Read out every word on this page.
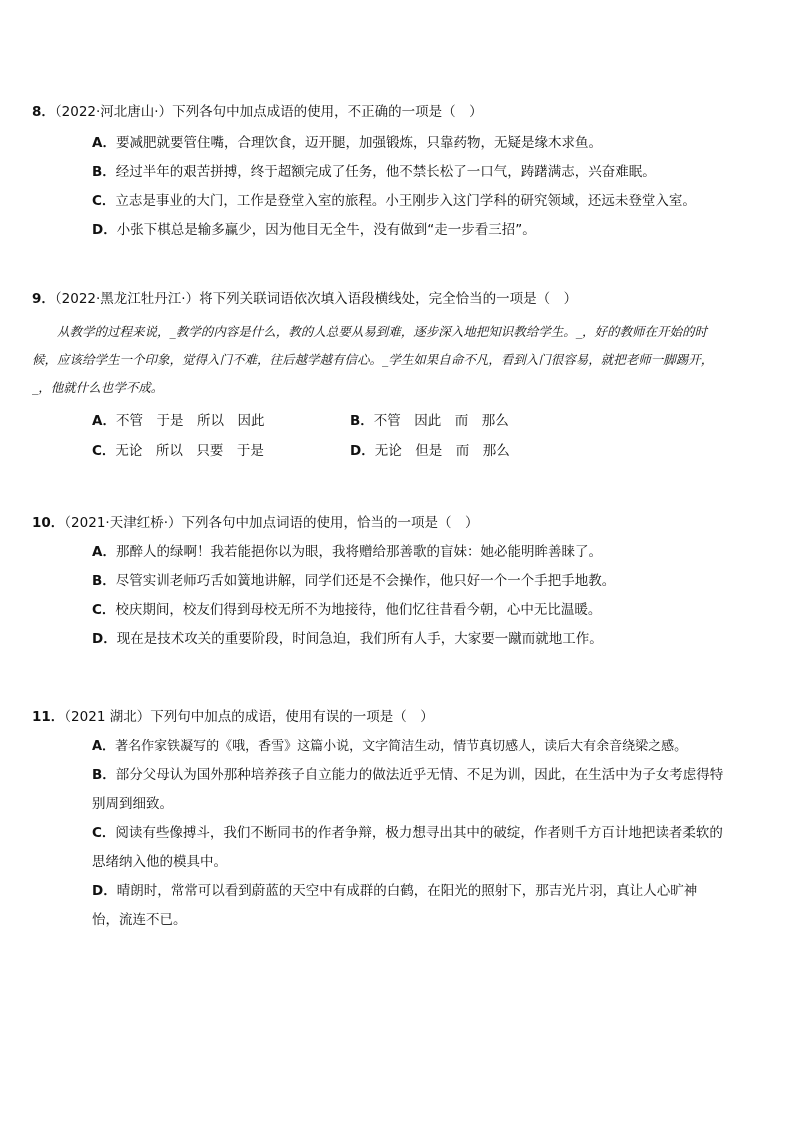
8．（2022·河北唐山·）下列各句中加点成语的使用，不正确的一项是（　）
A．要减肥就要管住嘴，合理饮食，迈开腿，加强锻炼，只靠药物，无疑是缘木求鱼。
B．经过半年的艰苦拼搏，终于超额完成了任务，他不禁长松了一口气，踌躇满志，兴奋难眠。
C．立志是事业的大门，工作是登堂入室的旅程。小王刚步入这门学科的研究领域，还远未登堂入室。
D．小张下棋总是输多赢少，因为他目无全牛，没有做到“走一步看三招”。
9．（2022·黑龙江牡丹江·）将下列关联词语依次填入语段横线处，完全恰当的一项是（　）
从教学的过程来说，_教学的内容是什么，教的人总要从易到难，逐步深入地把知识教给学生。_，好的教师在开始的时候，应该给学生一个印象，觉得入门不难，往后越学越有信心。_学生如果自命不凡，看到入门很容易，就把老师一脚踢开，_，他就什么也学不成。
A．不管　于是　所以　因此	B．不管　因此　而　那么
C．无论　所以　只要　于是	D．无论　但是　而　那么
10．（2021·天津红桥·）下列各句中加点词语的使用，恰当的一项是（　）
A．那醉人的绿啊！我若能挹你以为眼，我将赠给那善歌的盲妹：她必能明眸善睐了。
B．尽管实训老师巧舌如簧地讲解，同学们还是不会操作，他只好一个一个手把手地教。
C．校庆期间，校友们得到母校无所不为地接待，他们忆往昔看今朝，心中无比温暖。
D．现在是技术攻关的重要阶段，时间急迫，我们所有人手，大家要一蹴而就地工作。
11．（2021 湖北）下列句中加点的成语，使用有误的一项是（　）
A．著名作家铁凝写的《哦，香雪》这篇小说，文字简洁生动，情节真切感人，读后大有余音绕梁之感。
B．部分父母认为国外那种培养孩子自立能力的做法近乎无情、不足为训，因此，在生活中为子女考虑得特别周到细致。
C．阅读有些像搏斗，我们不断同书的作者争辩，极力想寻出其中的破绽，作者则千方百计地把读者柔软的思绪纳入他的模具中。
D．晴朗时，常常可以看到蔚蓝的天空中有成群的白鹤，在阳光的照射下，那吉光片羽，真让人心旷神怡，流连不已。
